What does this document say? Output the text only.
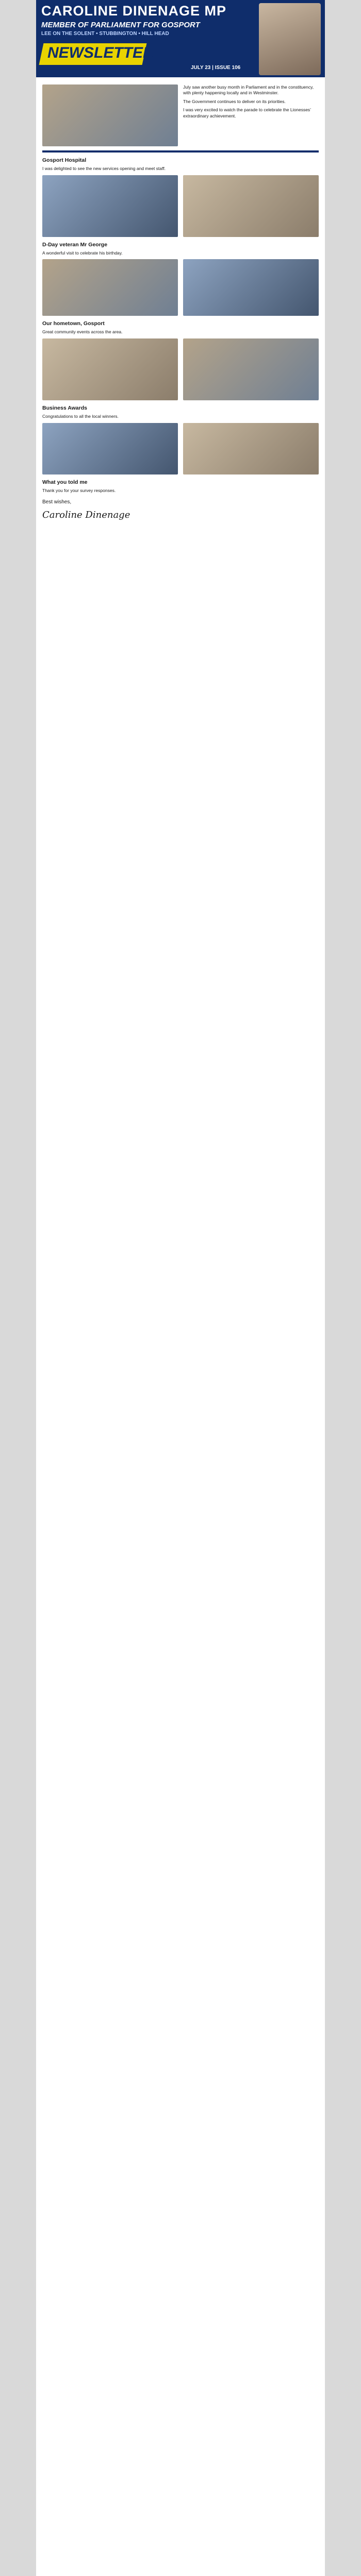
CAROLINE DINENAGE MP
MEMBER OF PARLIAMENT FOR GOSPORT
LEE ON THE SOLENT • STUBBINGTON • HILL HEAD
NEWSLETTER
JULY 23 | ISSUE 106

July saw another busy month in Parliament and in the constituency, with plenty happening locally and in Westminster.

The Government continues to deliver on its priorities.

I was very excited to watch the parade to celebrate the Lionesses’ extraordinary achievement.

Gosport Hospital

I was delighted to see the new services opening and meet staff.

D-Day veteran Mr George

A wonderful visit to celebrate his birthday.

Our hometown, Gosport

Great community events across the area.

Business Awards

Congratulations to all the local winners.

What you told me

Thank you for your survey responses.

Best wishes,
Caroline Dinenage
